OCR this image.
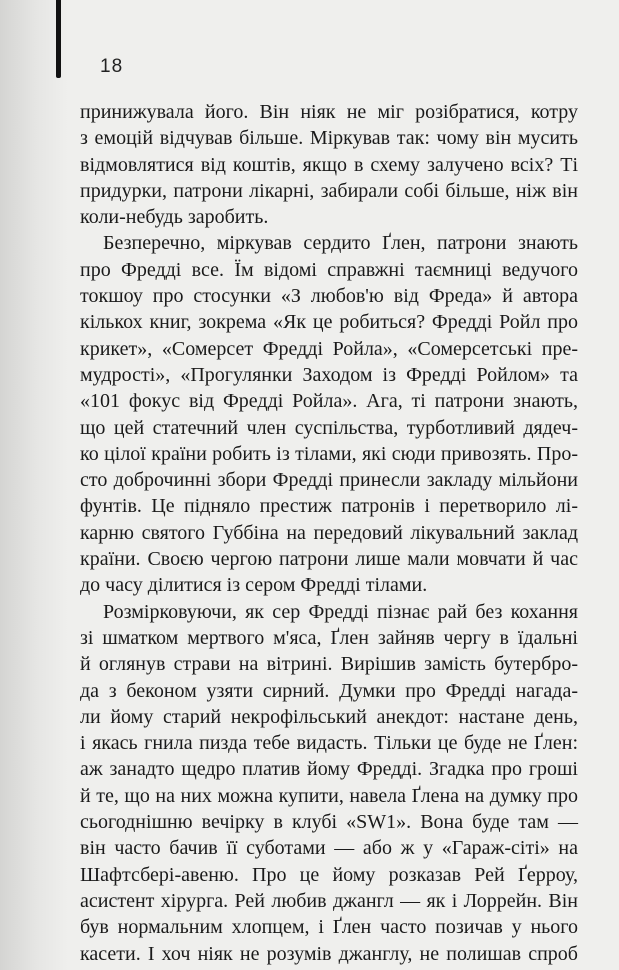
18
принижувала його. Він ніяк не міг розібратися, котру
з емоцій відчував більше. Міркував так: чому він мусить
відмовлятися від коштів, якщо в схему залучено всіх? Ті
придурки, патрони лікарні, забирали собі більше, ніж він
коли-небудь заробить.
Безперечно, міркував сердито Ґлен, патрони знають
про Фредді все. Їм відомі справжні таємниці ведучого
токшоу про стосунки «З любов'ю від Фреда» й автора
кількох книг, зокрема «Як це робиться? Фредді Ройл про
крикет», «Сомерсет Фредді Ройла», «Сомерсетські пре-
мудрості», «Прогулянки Заходом із Фредді Ройлом» та
«101 фокус від Фредді Ройла». Ага, ті патрони знають,
що цей статечний член суспільства, турботливий дядеч-
ко цілої країни робить із тілами, які сюди привозять. Про-
сто доброчинні збори Фредді принесли закладу мільйони
фунтів. Це підняло престиж патронів і перетворило лі-
карню святого Губбіна на передовий лікувальний заклад
країни. Своєю чергою патрони лише мали мовчати й час
до часу ділитися із сером Фредді тілами.
Розмірковуючи, як сер Фредді пізнає рай без кохання
зі шматком мертвого м'яса, Ґлен зайняв чергу в їдальні
й оглянув страви на вітрині. Вирішив замість бутербро-
да з беконом узяти сирний. Думки про Фредді нагада-
ли йому старий некрофільський анекдот: настане день,
і якась гнила пизда тебе видасть. Тільки це буде не Ґлен:
аж занадто щедро платив йому Фредді. Згадка про гроші
й те, що на них можна купити, навела Ґлена на думку про
сьогоднішню вечірку в клубі «SW1». Вона буде там —
він часто бачив її суботами — або ж у «Гараж-сіті» на
Шафтсбері-авеню. Про це йому розказав Рей Ґерроу,
асистент хірурга. Рей любив джангл — як і Лоррейн. Він
був нормальним хлопцем, і Ґлен часто позичав у нього
касети. І хоч ніяк не розумів джанглу, не полишав спроб
